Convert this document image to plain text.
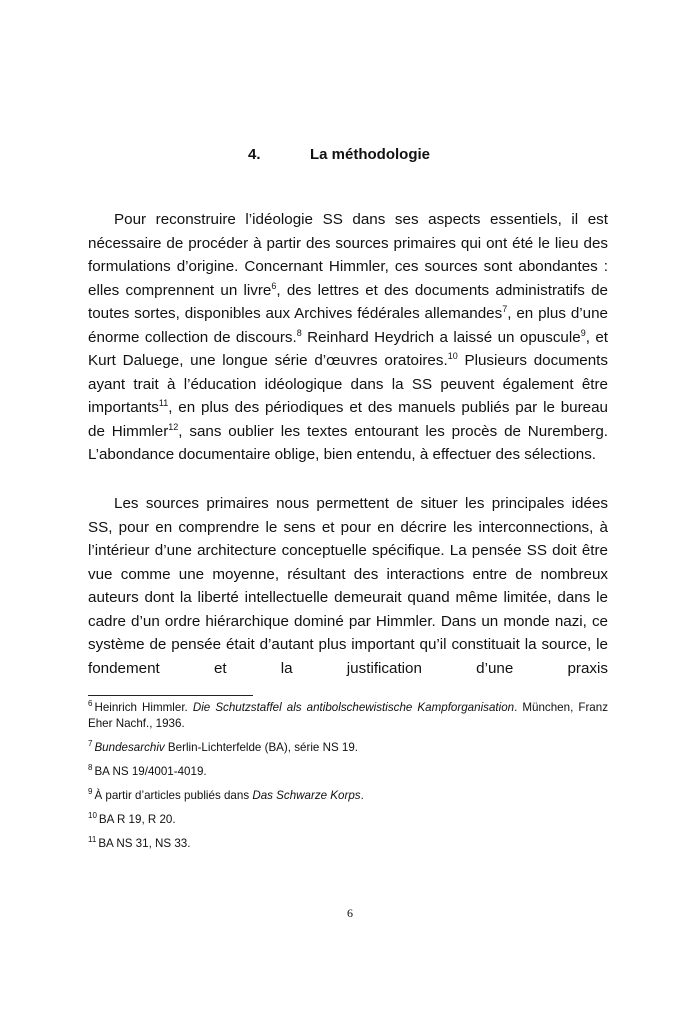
4.	La méthodologie

Pour reconstruire l’idéologie SS dans ses aspects essentiels, il est nécessaire de procéder à partir des sources primaires qui ont été le lieu des formulations d’origine. Concernant Himmler, ces sources sont abondantes : elles comprennent un livre$^6$, des lettres et des documents administratifs de toutes sortes, disponibles aux Archives fédérales allemandes$^7$, en plus d’une énorme collection de discours.$^8$ Reinhard Heydrich a laissé un opuscule$^9$, et Kurt Daluege, une longue série d’œuvres oratoires.$^{10}$ Plusieurs documents ayant trait à l’éducation idéologique dans la SS peuvent également être importants$^{11}$, en plus des périodiques et des manuels publiés par le bureau de Himmler$^{12}$, sans oublier les textes entourant les procès de Nuremberg. L’abondance documentaire oblige, bien entendu, à effectuer des sélections.

Les sources primaires nous permettent de situer les principales idées SS, pour en comprendre le sens et pour en décrire les interconnections, à l’intérieur d’une architecture conceptuelle spécifique. La pensée SS doit être vue comme une moyenne, résultant des interactions entre de nombreux auteurs dont la liberté intellectuelle demeurait quand même limitée, dans le cadre d’un ordre hiérarchique dominé par Himmler. Dans un monde nazi, ce système de pensée était d’autant plus important qu’il constituait la source, le fondement et la justification d’une praxis

$^6$ Heinrich Himmler. Die Schutzstaffel als antibolschewistische Kampforganisation. München, Franz Eher Nachf., 1936.

$^7$ Bundesarchiv Berlin-Lichterfelde (BA), série NS 19.

$^8$ BA NS 19/4001-4019.

$^9$ À partir d’articles publiés dans Das Schwarze Korps.

$^{10}$ BA R 19, R 20.

$^{11}$ BA NS 31, NS 33.

6
